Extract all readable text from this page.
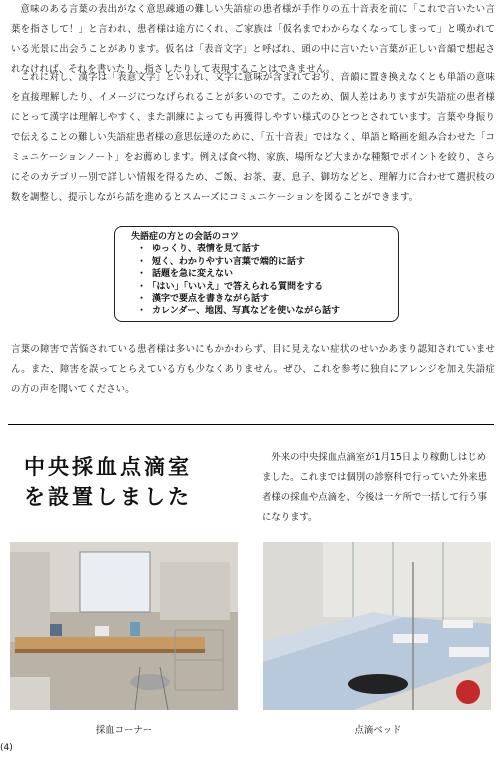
意味のある言葉の表出がなく意思疎通の難しい失語症の患者様が手作りの五十音表を前に「これで言いたい言葉を指さして！」と言われ、患者様は途方にくれ、ご家族は「仮名までわからなくなってしまって」と嘆かれている光景に出会うことがあります。仮名は「表音文字」と呼ばれ、頭の中に言いたい言葉が正しい音韻で想起されなければ、それを書いたり、指さしたりして表現することはできません。

これに対し、漢字は「表意文字」といわれ、文字に意味が含まれており、音韻に置き換えなくとも単語の意味を直接理解したり、イメージにつなげられることが多いのです。このため、個人差はありますが失語症の患者様にとって漢字は理解しやすく、また訓練によっても再獲得しやすい様式のひとつとされています。言葉や身振りで伝えることの難しい失語症患者様の意思伝達のために、「五十音表」ではなく、単語と略画を組み合わせた「コミュニケーションノート」をお薦めします。例えば食べ物、家族、場所など大まかな種類でポイントを絞り、さらにそのカテゴリー別で詳しい情報を得るため、ご飯、お茶、妻、息子、御坊などと、理解力に合わせて選択枝の数を調整し、提示しながら話を進めるとスムーズにコミュニケーションを図ることができます。

失語症の方との会話のコツ
・ ゆっくり、表情を見て話す
・ 短く、わかりやすい言葉で端的に話す
・ 話題を急に変えない
・ 「はい」「いいえ」で答えられる質問をする
・ 漢字で要点を書きながら話す
・ カレンダー、地図、写真などを使いながら話す

言葉の障害で苦悩されている患者様は多いにもかかわらず、目に見えない症状のせいかあまり認知されていません。また、障害を誤ってとらえている方も少なくありません。ぜひ、これを参考に独自にアレンジを加え失語症の方の声を聞いてください。

中央採血点滴室
を設置しました

外来の中央採血点滴室が1月15日より稼動しはじめました。これまでは個別の診察科で行っていた外来患者様の採血や点滴を、今後は一ケ所で一括して行う事になります。

採血コーナー	点滴ベッド
(4)
